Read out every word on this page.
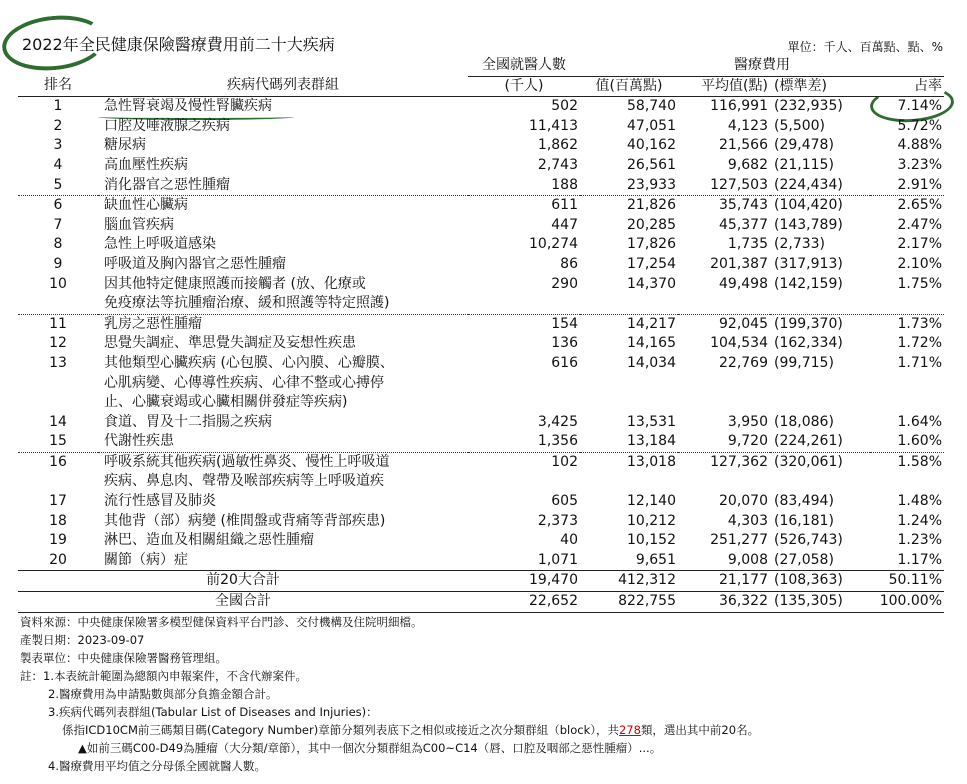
2022年全民健康保險醫療費用前二十大疾病	單位：千人、百萬點、點、%
		全國就醫人數	醫療費用			
排名	疾病代碼列表群組	(千人)	值(百萬點)	平均值(點)	(標準差)	占率
1	急性腎衰竭及慢性腎臟疾病	502	58,740	116,991	(232,935)	7.14%
2	口腔及唾液腺之疾病	11,413	47,051	4,123	(5,500)	5.72%
3	糖尿病	1,862	40,162	21,566	(29,478)	4.88%
4	高血壓性疾病	2,743	26,561	9,682	(21,115)	3.23%
5	消化器官之惡性腫瘤	188	23,933	127,503	(224,434)	2.91%
6	缺血性心臟病	611	21,826	35,743	(104,420)	2.65%
7	腦血管疾病	447	20,285	45,377	(143,789)	2.47%
8	急性上呼吸道感染	10,274	17,826	1,735	(2,733)	2.17%
9	呼吸道及胸內器官之惡性腫瘤	86	17,254	201,387	(317,913)	2.10%
10	因其他特定健康照護而接觸者 (放、化療或	290	14,370	49,498	(142,159)	1.75%
	免疫療法等抗腫瘤治療、緩和照護等特定照護)					
11	乳房之惡性腫瘤	154	14,217	92,045	(199,370)	1.73%
12	思覺失調症、準思覺失調症及妄想性疾患	136	14,165	104,534	(162,334)	1.72%
13	其他類型心臟疾病 (心包膜、心內膜、心瓣膜、	616	14,034	22,769	(99,715)	1.71%
	心肌病變、心傳導性疾病、心律不整或心搏停					
	止、心臟衰竭或心臟相關併發症等疾病)					
14	食道、胃及十二指腸之疾病	3,425	13,531	3,950	(18,086)	1.64%
15	代謝性疾患	1,356	13,184	9,720	(224,261)	1.60%
16	呼吸系統其他疾病(過敏性鼻炎、慢性上呼吸道	102	13,018	127,362	(320,061)	1.58%
	疾病、鼻息肉、聲帶及喉部疾病等上呼吸道疾					
17	流行性感冒及肺炎	605	12,140	20,070	(83,494)	1.48%
18	其他背（部）病變 (椎間盤或背痛等背部疾患)	2,373	10,212	4,303	(16,181)	1.24%
19	淋巴、造血及相關組織之惡性腫瘤	40	10,152	251,277	(526,743)	1.23%
20	關節（病）症	1,071	9,651	9,008	(27,058)	1.17%
前20大合計		19,470	412,312	21,177	(108,363)	50.11%
全國合計		22,652	822,755	36,322	(135,305)	100.00%
資料來源：中央健康保險署多模型健保資料平台門診、交付機構及住院明細檔。
產製日期：2023-09-07
製表單位：中央健康保險署醫務管理組。
註：1.本表統計範圍為總額內申報案件，不含代辦案件。
2.醫療費用為申請點數與部分負擔金額合計。
3.疾病代碼列表群組(Tabular List of Diseases and Injuries)：
係指ICD10CM前三碼類目碼(Category Number)章節分類列表底下之相似或接近之次分類群組（block），共278類，選出其中前20名。
▲如前三碼C00-D49為腫瘤（大分類/章節），其中一個次分類群組為C00~C14（唇、口腔及咽部之惡性腫瘤）...。
4.醫療費用平均值之分母係全國就醫人數。
